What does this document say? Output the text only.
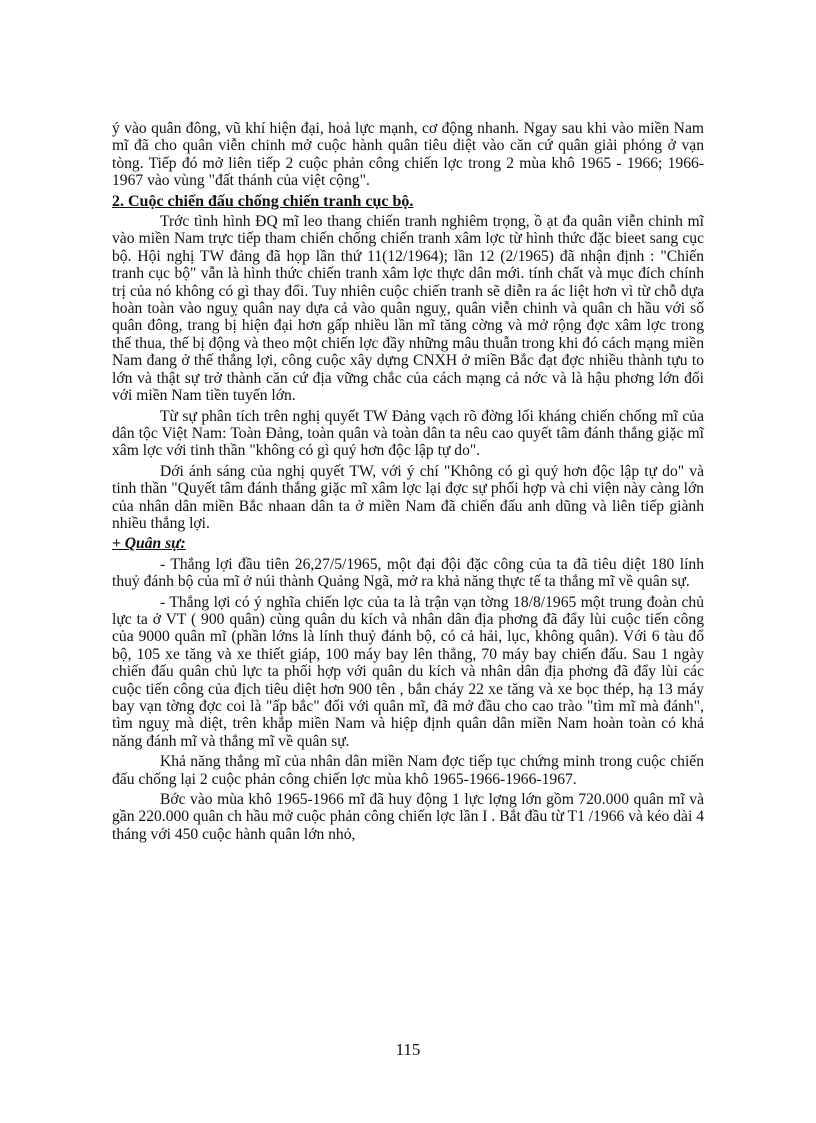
ý vào quân đông, vũ khí hiện đại, hoả lực mạnh, cơ động nhanh. Ngay sau khi vào miền Nam mĩ đã cho quân viễn chinh mở cuộc hành quân tiêu diệt vào căn cứ quân giải phóng ở vạn tòng. Tiếp đó mở liên tiếp 2 cuộc phản công chiến lợc trong 2 mùa khô 1965 - 1966; 1966-1967 vào vùng "đất thánh của việt cộng".

2. Cuộc chiến đấu chống chiến tranh cục bộ.

Trớc tình hình ĐQ mĩ leo thang chiến tranh nghiêm trọng, ồ ạt đa quân viễn chinh mĩ vào miền Nam trực tiếp tham chiến chống chiến tranh xâm lợc từ hình thức đặc bieet sang cục bộ. Hội nghị TW đảng đã họp lần thứ 11(12/1964); lần 12 (2/1965) đã nhận định : "Chiến tranh cục bộ" vẫn là hình thức chiến tranh xâm lợc thực dân mới. tính chất và mục đích chính trị của nó không có gì thay đổi. Tuy nhiên cuộc chiến tranh sẽ diễn ra ác liệt hơn vì từ chỗ dựa hoàn toàn vào nguỵ quân nay dựa cả vào quân nguỵ, quân viễn chinh và quân ch hầu với số quân đông, trang bị hiện đại hơn gấp nhiều lần mĩ tăng cờng và mở rộng đợc xâm lợc trong thế thua, thế bị động và theo một chiến lợc đầy những mâu thuẫn trong khi đó cách mạng miền Nam đang ở thế thắng lợi, công cuộc xây dựng CNXH ở miền Bắc đạt đợc nhiều thành tựu to lớn và thật sự trở thành căn cứ địa vững chắc của cách mạng cả nớc và là hậu phơng lớn đối với miền Nam tiền tuyến lớn.

Từ sự phân tích trên nghị quyết TW Đảng vạch rõ đờng lối kháng chiến chống mĩ của dân tộc Việt Nam: Toàn Đảng, toàn quân và toàn dân ta nêu cao quyết tâm đánh thắng giặc mĩ xâm lợc với tinh thần "không có gì quý hơn độc lập tự do".

Dới ánh sáng của nghị quyết TW, với ý chí "Không có gì quý hơn độc lập tự do" và tinh thần "Quyết tâm đánh thắng giặc mĩ xâm lợc lại đợc sự phối hợp và chi viện này càng lớn của nhân dân miền Bắc nhaan dân ta ở miền Nam đã chiến đấu anh dũng và liên tiếp giành nhiều thắng lợi.

+ Quân sự:

- Thắng lợi đầu tiên 26,27/5/1965, một đại đội đặc công của ta đã tiêu diệt 180 lính thuỷ đánh bộ của mĩ ở núi thành Quảng Ngã, mở ra khả năng thực tế ta thắng mĩ về quân sự.

- Thắng lợi có ý nghĩa chiến lợc của ta là trận vạn tờng 18/8/1965 một trung đoàn chủ lực ta ở VT ( 900 quân) cùng quân du kích và nhân dân địa phơng đã đẩy lùi cuộc tiến công của 9000 quân mĩ (phần lớns là lính thuỷ đánh bộ, có cả hải, lục, không quân). Với 6 tàu đổ bộ, 105 xe tăng và xe thiết giáp, 100 máy bay lên thẳng, 70 máy bay chiến đấu. Sau 1 ngày chiến đấu quân chủ lực ta phối hợp với quân du kích và nhân dân địa phơng đã đẩy lùi các cuộc tiến công của địch tiêu diệt hơn 900 tên , bắn cháy 22 xe tăng và xe bọc thép, hạ 13 máy bay vạn tờng đợc coi là "ấp bắc" đối với quân mĩ, đã mở đầu cho cao trào "tìm mĩ mà đánh", tìm nguỵ mà diệt, trên khắp miền Nam và hiệp định quân dân miền Nam hoàn toàn có khả năng đánh mĩ và thắng mĩ về quân sự.

Khả năng thắng mĩ của nhân dân miền Nam đợc tiếp tục chứng minh trong cuộc chiến đấu chống lại 2 cuộc phản công chiến lợc mùa khô 1965-1966-1966-1967.

Bớc vào mùa khô 1965-1966 mĩ đã huy động 1 lực lợng lớn gồm 720.000 quân mĩ và gần 220.000 quân ch hầu mở cuộc phản công chiến lợc lần I . Bắt đầu từ T1 /1966 và kéo dài 4 tháng với 450 cuộc hành quân lớn nhỏ,

115
